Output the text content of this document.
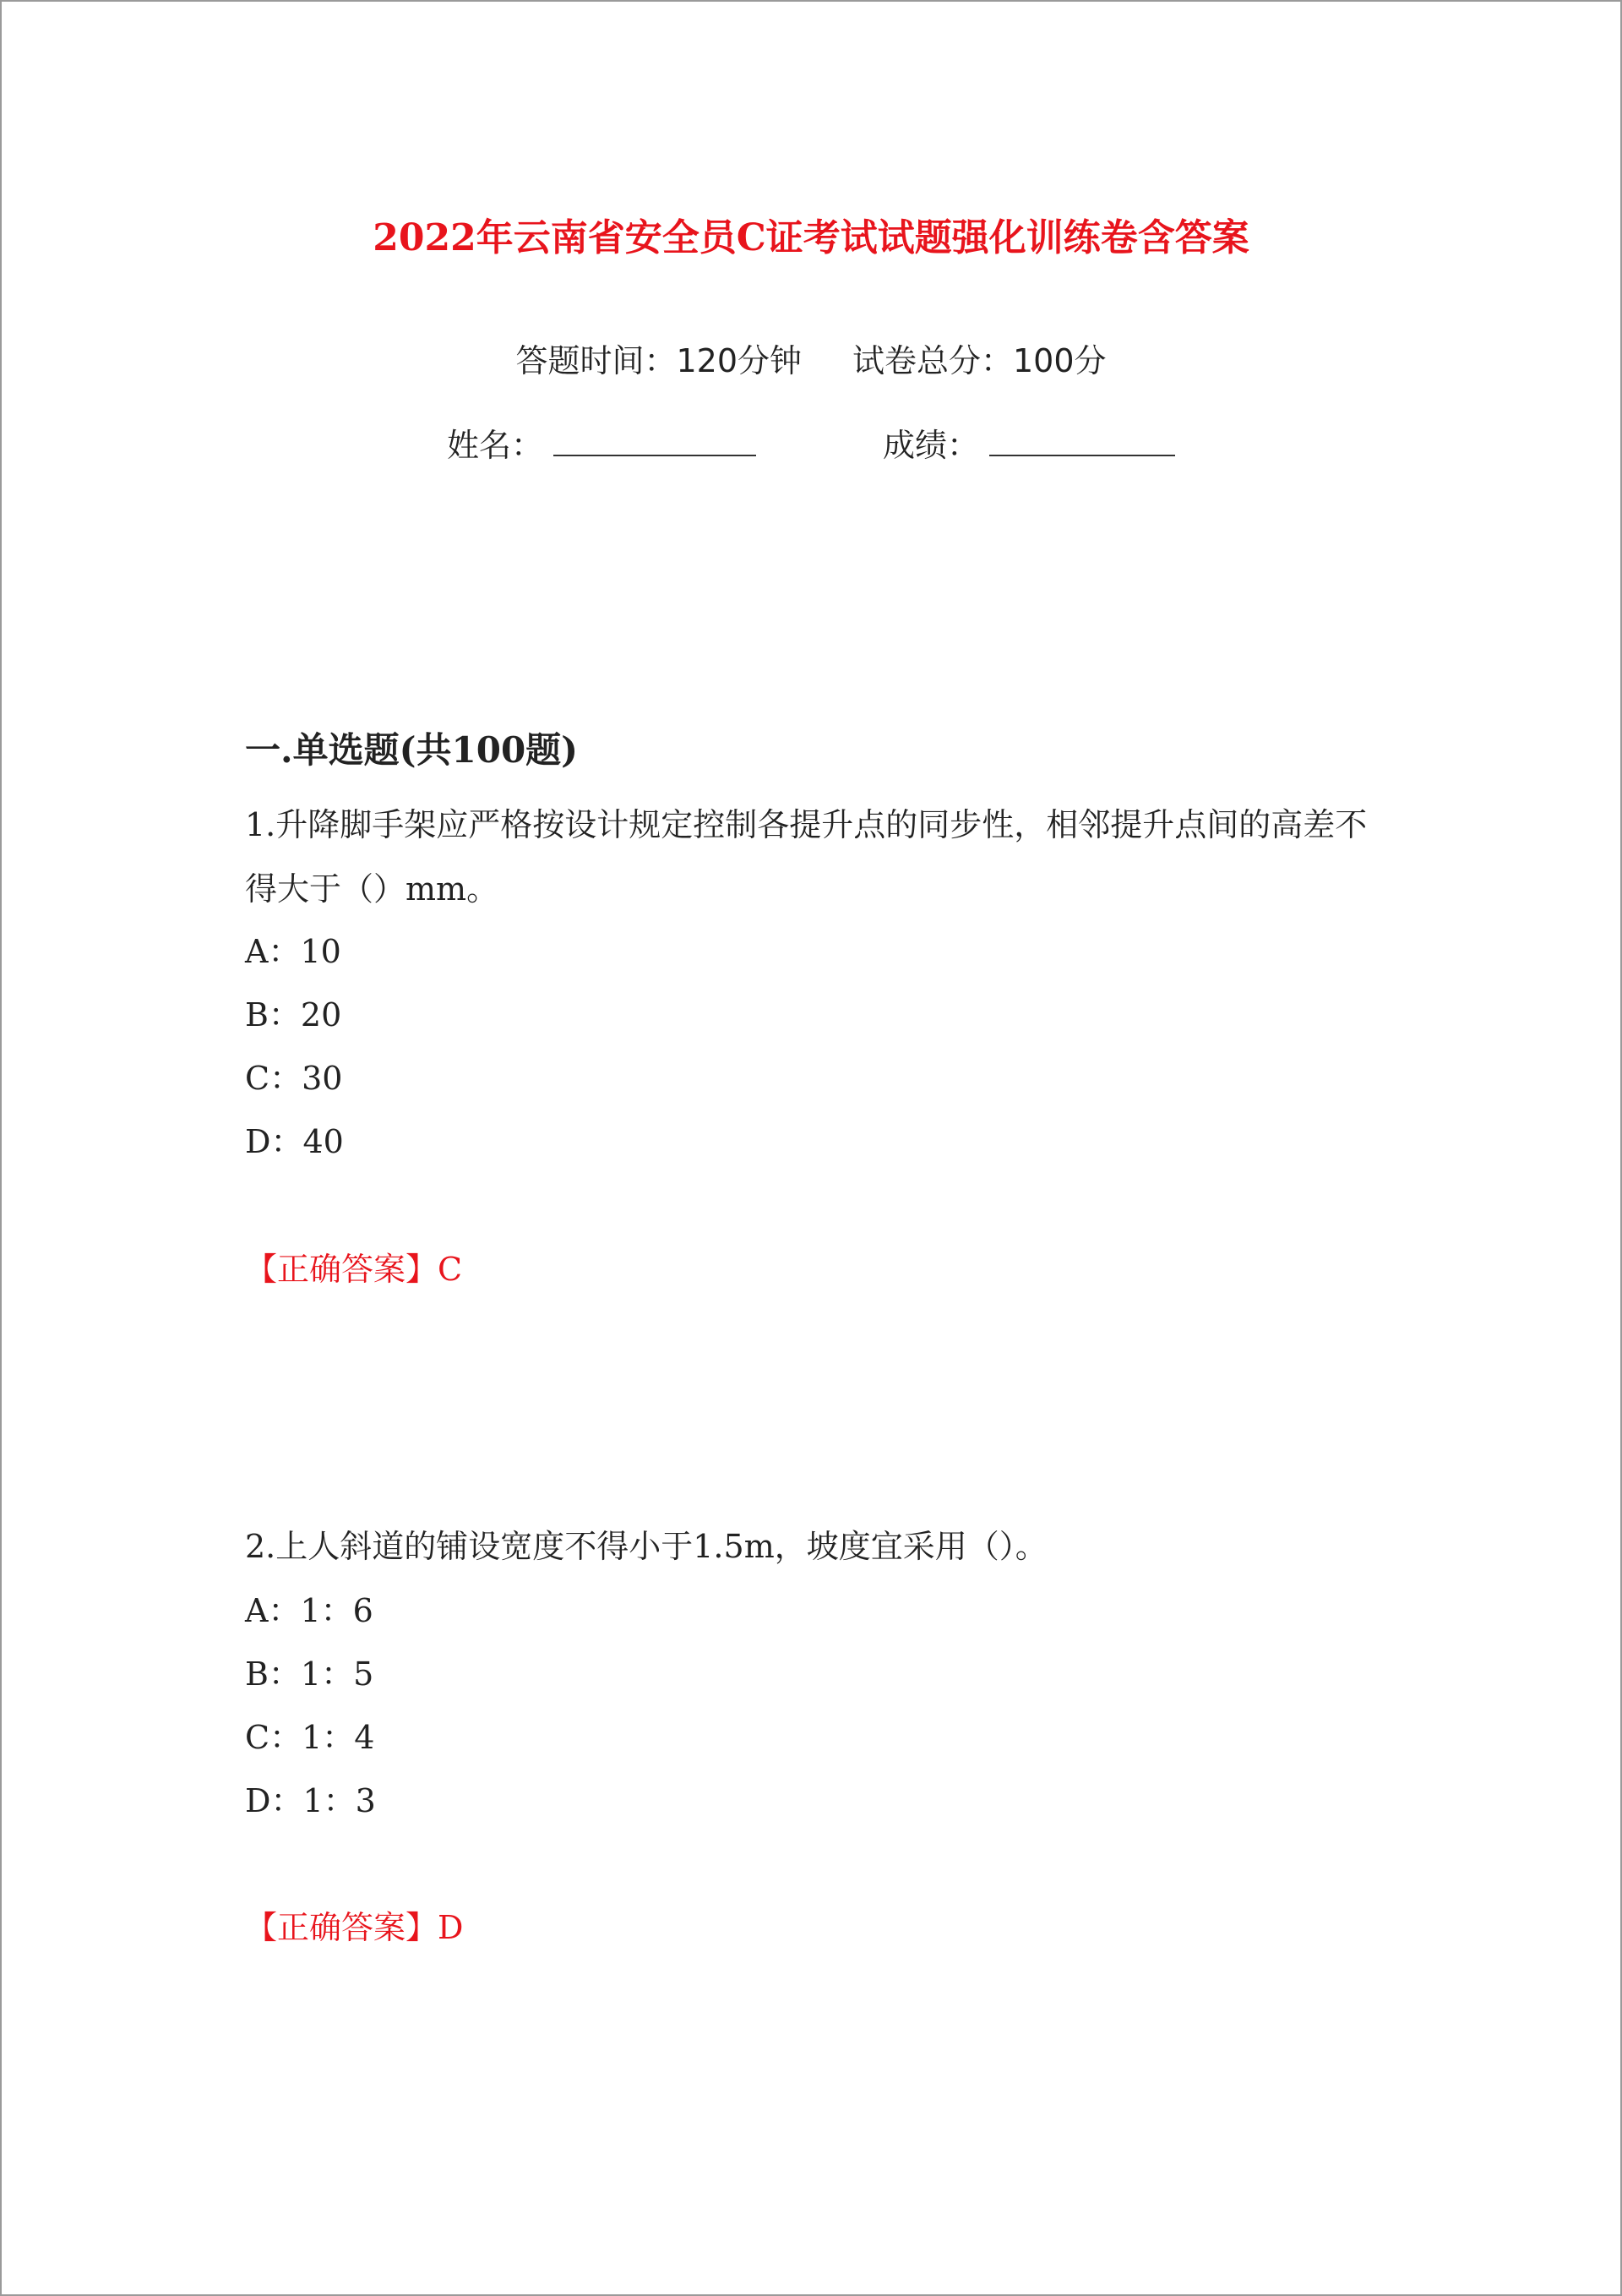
2022年云南省安全员C证考试试题强化训练卷含答案
答题时间：120分钟 试卷总分：100分
姓名：	成绩：
一.单选题(共100题)
1.升降脚手架应严格按设计规定控制各提升点的同步性，相邻提升点间的高差不得大于（）mm。
A：10
B：20
C：30
D：40
【正确答案】C
2.上人斜道的铺设宽度不得小于1.5m，坡度宜采用（）。
A：1：6
B：1：5
C：1：4
D：1：3
【正确答案】D
